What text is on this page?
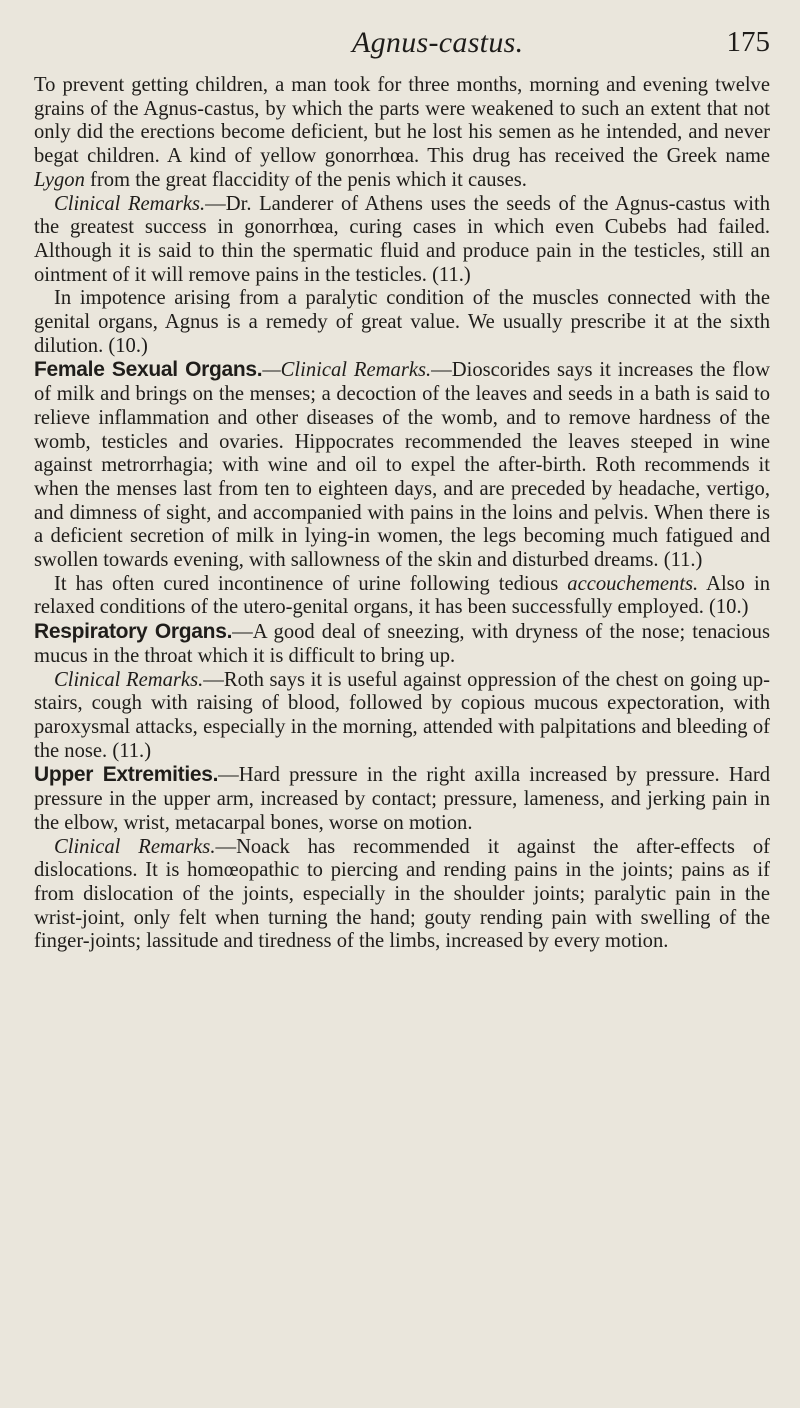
Agnus-castus.	175

To prevent getting children, a man took for three months, morning and evening twelve grains of the Agnus-castus, by which the parts were weakened to such an extent that not only did the erections become deficient, but he lost his semen as he intended, and never begat children. A kind of yellow gonorrhœa. This drug has received the Greek name Lygon from the great flaccidity of the penis which it causes.

Clinical Remarks.—Dr. Landerer of Athens uses the seeds of the Agnus-castus with the greatest success in gonorrhœa, curing cases in which even Cubebs had failed. Although it is said to thin the spermatic fluid and produce pain in the testicles, still an ointment of it will remove pains in the testicles. (11.)

In impotence arising from a paralytic condition of the muscles connected with the genital organs, Agnus is a remedy of great value. We usually prescribe it at the sixth dilution. (10.)

Female Sexual Organs.—Clinical Remarks.—Dioscorides says it increases the flow of milk and brings on the menses; a decoction of the leaves and seeds in a bath is said to relieve inflammation and other diseases of the womb, and to remove hardness of the womb, testicles and ovaries. Hippocrates recommended the leaves steeped in wine against metrorrhagia; with wine and oil to expel the after-birth. Roth recommends it when the menses last from ten to eighteen days, and are preceded by headache, vertigo, and dimness of sight, and accompanied with pains in the loins and pelvis. When there is a deficient secretion of milk in lying-in women, the legs becoming much fatigued and swollen towards evening, with sallowness of the skin and disturbed dreams. (11.)

It has often cured incontinence of urine following tedious accouchements. Also in relaxed conditions of the utero-genital organs, it has been successfully employed. (10.)

Respiratory Organs.—A good deal of sneezing, with dryness of the nose; tenacious mucus in the throat which it is difficult to bring up.

Clinical Remarks.—Roth says it is useful against oppression of the chest on going up-stairs, cough with raising of blood, followed by copious mucous expectoration, with paroxysmal attacks, especially in the morning, attended with palpitations and bleeding of the nose. (11.)

Upper Extremities.—Hard pressure in the right axilla increased by pressure. Hard pressure in the upper arm, increased by contact; pressure, lameness, and jerking pain in the elbow, wrist, metacarpal bones, worse on motion.

Clinical Remarks.—Noack has recommended it against the after-effects of dislocations. It is homœopathic to piercing and rending pains in the joints; pains as if from dislocation of the joints, especially in the shoulder joints; paralytic pain in the wrist-joint, only felt when turning the hand; gouty rending pain with swelling of the finger-joints; lassitude and tiredness of the limbs, increased by every motion.
